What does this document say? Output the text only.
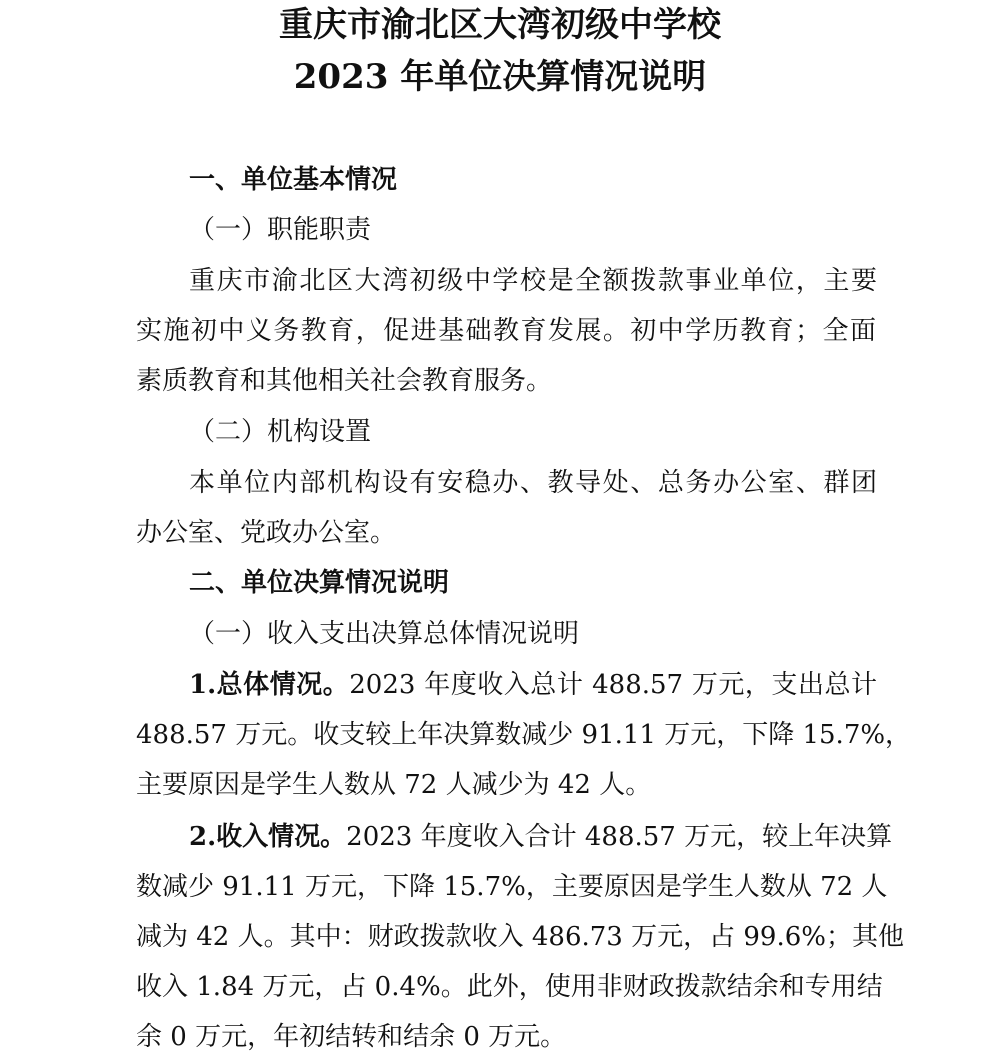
重庆市渝北区大湾初级中学校
2023 年单位决算情况说明
一、单位基本情况
（一）职能职责
重庆市渝北区大湾初级中学校是全额拨款事业单位，主要
实施初中义务教育，促进基础教育发展。初中学历教育；全面
素质教育和其他相关社会教育服务。
（二）机构设置
本单位内部机构设有安稳办、教导处、总务办公室、群团
办公室、党政办公室。
二、单位决算情况说明
（一）收入支出决算总体情况说明
1.总体情况。2023 年度收入总计 488.57 万元，支出总计
488.57 万元。收支较上年决算数减少 91.11 万元，下降 15.7%，
主要原因是学生人数从 72 人减少为 42 人。
2.收入情况。2023 年度收入合计 488.57 万元，较上年决算
数减少 91.11 万元，下降 15.7%，主要原因是学生人数从 72 人
减为 42 人。其中：财政拨款收入 486.73 万元，占 99.6%；其他
收入 1.84 万元，占 0.4%。此外，使用非财政拨款结余和专用结
余 0 万元，年初结转和结余 0 万元。
